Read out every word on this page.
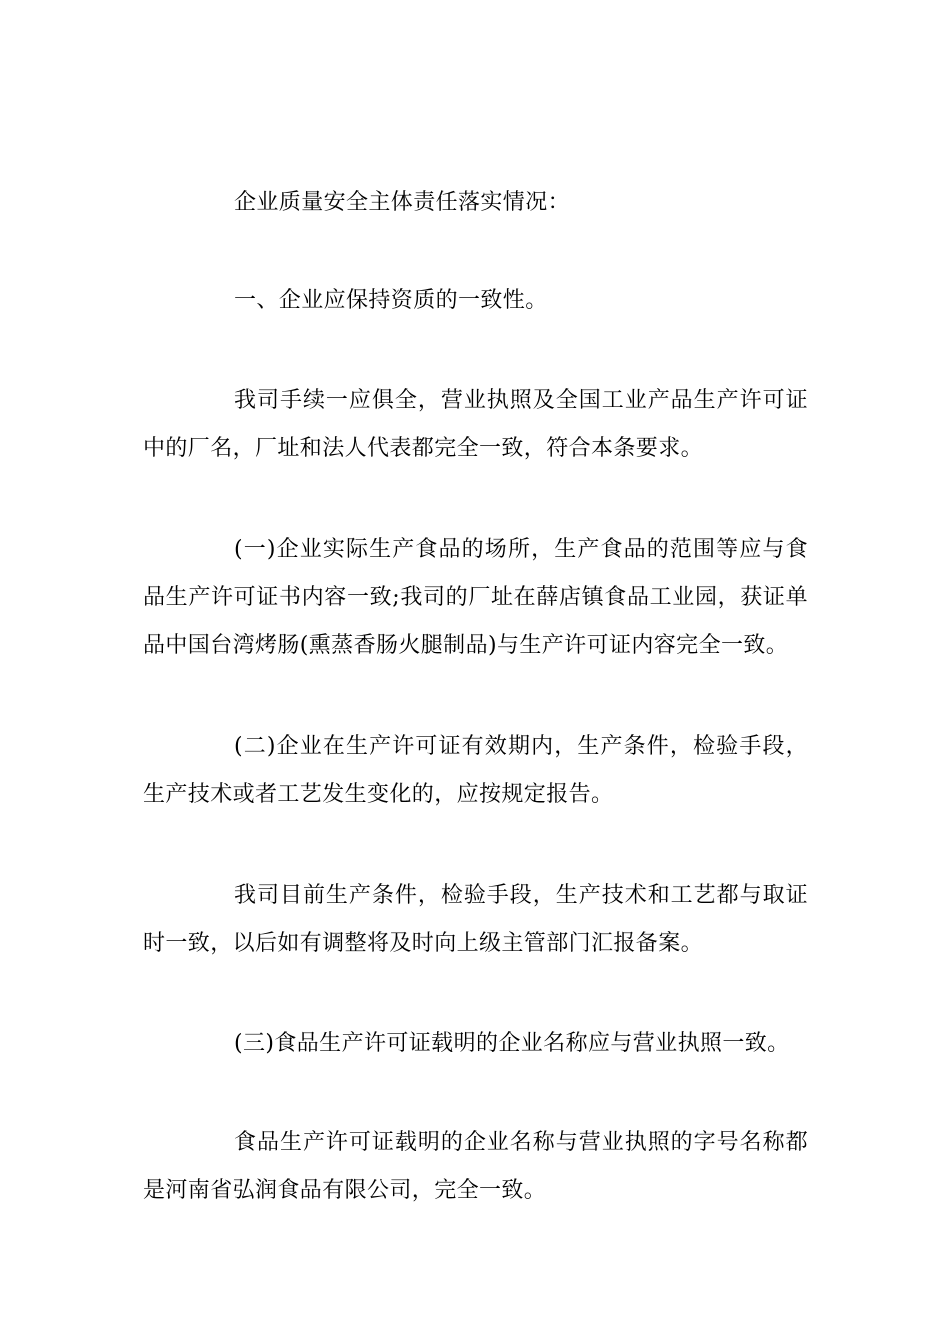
企业质量安全主体责任落实情况：

一、企业应保持资质的一致性。

我司手续一应俱全，营业执照及全国工业产品生产许可证中的厂名，厂址和法人代表都完全一致，符合本条要求。

(一)企业实际生产食品的场所，生产食品的范围等应与食品生产许可证书内容一致;我司的厂址在薛店镇食品工业园，获证单品中国台湾烤肠(熏蒸香肠火腿制品)与生产许可证内容完全一致。

(二)企业在生产许可证有效期内，生产条件，检验手段，生产技术或者工艺发生变化的，应按规定报告。

我司目前生产条件，检验手段，生产技术和工艺都与取证时一致，以后如有调整将及时向上级主管部门汇报备案。

(三)食品生产许可证载明的企业名称应与营业执照一致。

食品生产许可证载明的企业名称与营业执照的字号名称都是河南省弘润食品有限公司，完全一致。
